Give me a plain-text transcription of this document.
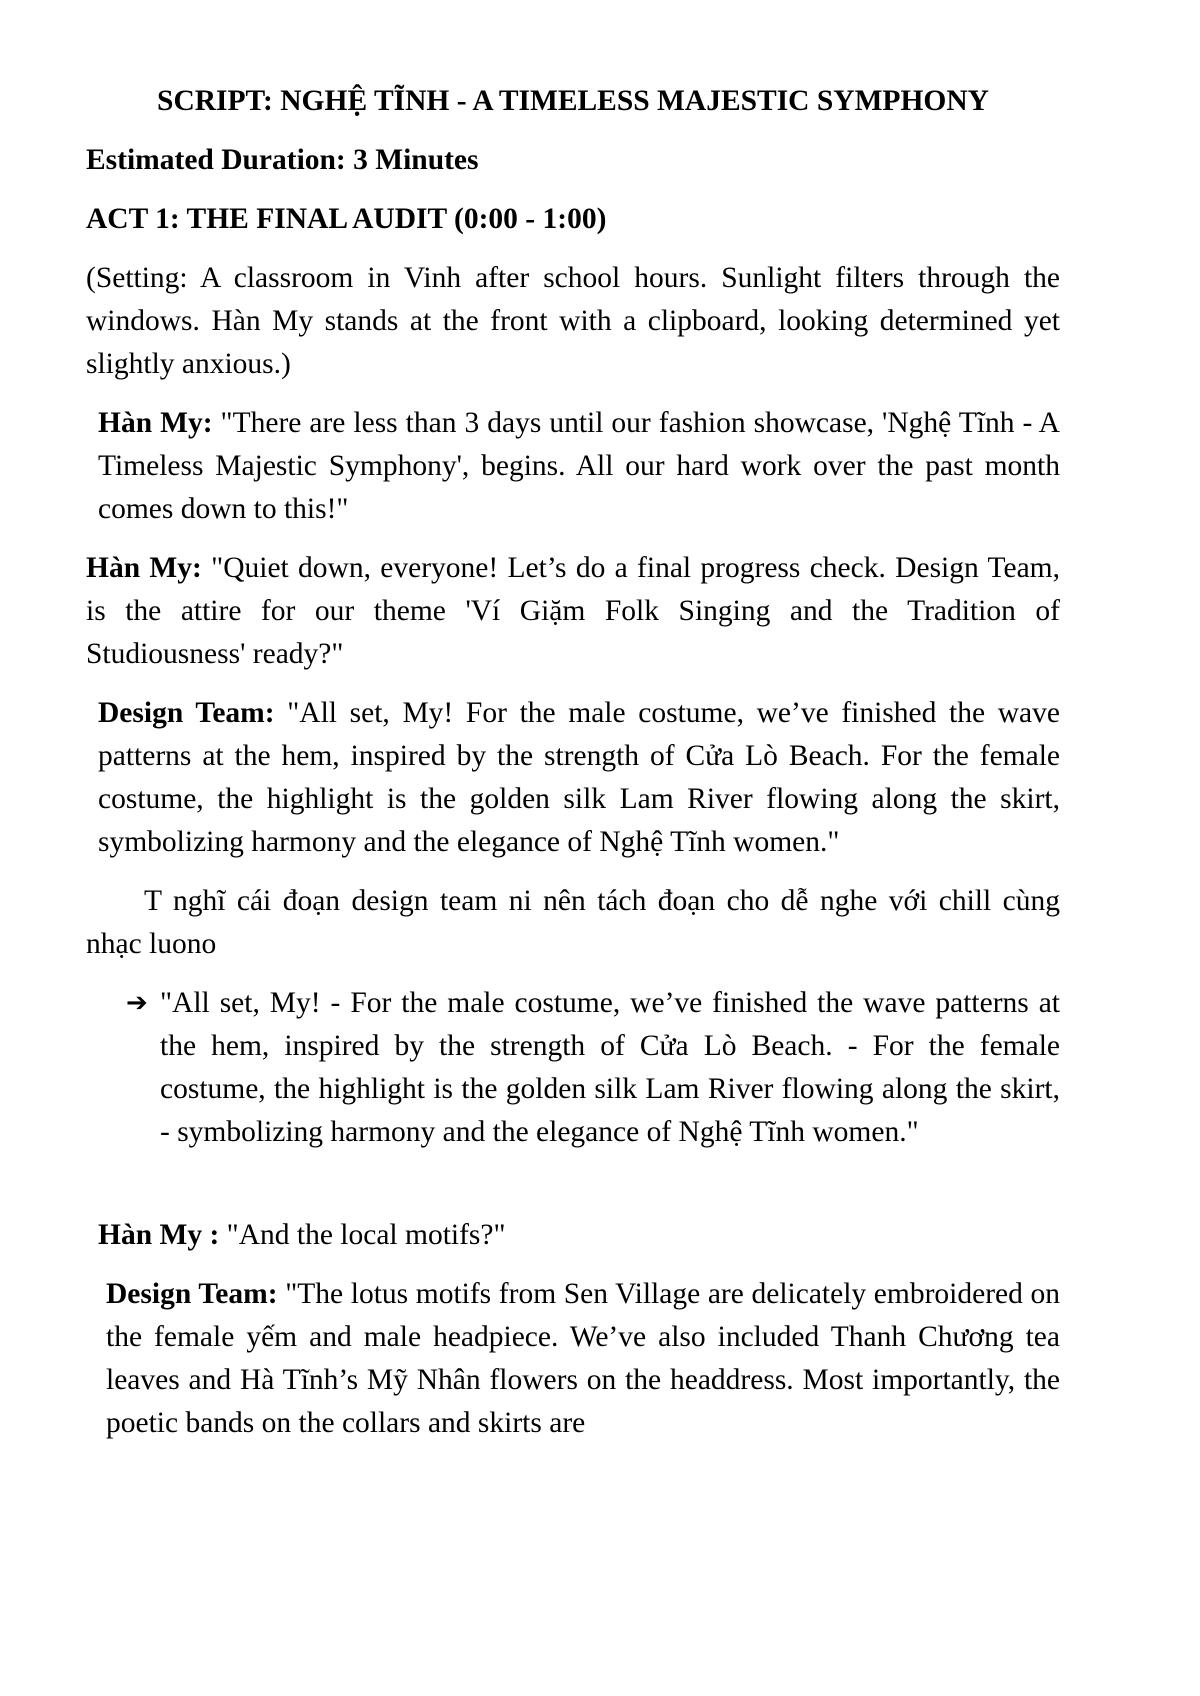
SCRIPT: NGHỆ TĨNH - A TIMELESS MAJESTIC SYMPHONY
Estimated Duration: 3 Minutes
ACT 1: THE FINAL AUDIT (0:00 - 1:00)
(Setting: A classroom in Vinh after school hours. Sunlight filters through the windows. Hàn My stands at the front with a clipboard, looking determined yet slightly anxious.)
Hàn My: "There are less than 3 days until our fashion showcase, 'Nghệ Tĩnh - A Timeless Majestic Symphony', begins. All our hard work over the past month comes down to this!"
Hàn My: "Quiet down, everyone! Let’s do a final progress check. Design Team, is the attire for our theme 'Ví Giặm Folk Singing and the Tradition of Studiousness' ready?"
Design Team: "All set, My! For the male costume, we’ve finished the wave patterns at the hem, inspired by the strength of Cửa Lò Beach. For the female costume, the highlight is the golden silk Lam River flowing along the skirt, symbolizing harmony and the elegance of Nghệ Tĩnh women."
T nghĩ cái đoạn design team ni nên tách đoạn cho dễ nghe với chill cùng nhạc luono
➔ "All set, My! - For the male costume, we’ve finished the wave patterns at the hem, inspired by the strength of Cửa Lò Beach. - For the female costume, the highlight is the golden silk Lam River flowing along the skirt, - symbolizing harmony and the elegance of Nghệ Tĩnh women."
Hàn My : "And the local motifs?"
Design Team: "The lotus motifs from Sen Village are delicately embroidered on the female yếm and male headpiece. We’ve also included Thanh Chương tea leaves and Hà Tĩnh’s Mỹ Nhân flowers on the headdress. Most importantly, the poetic bands on the collars and skirts are
